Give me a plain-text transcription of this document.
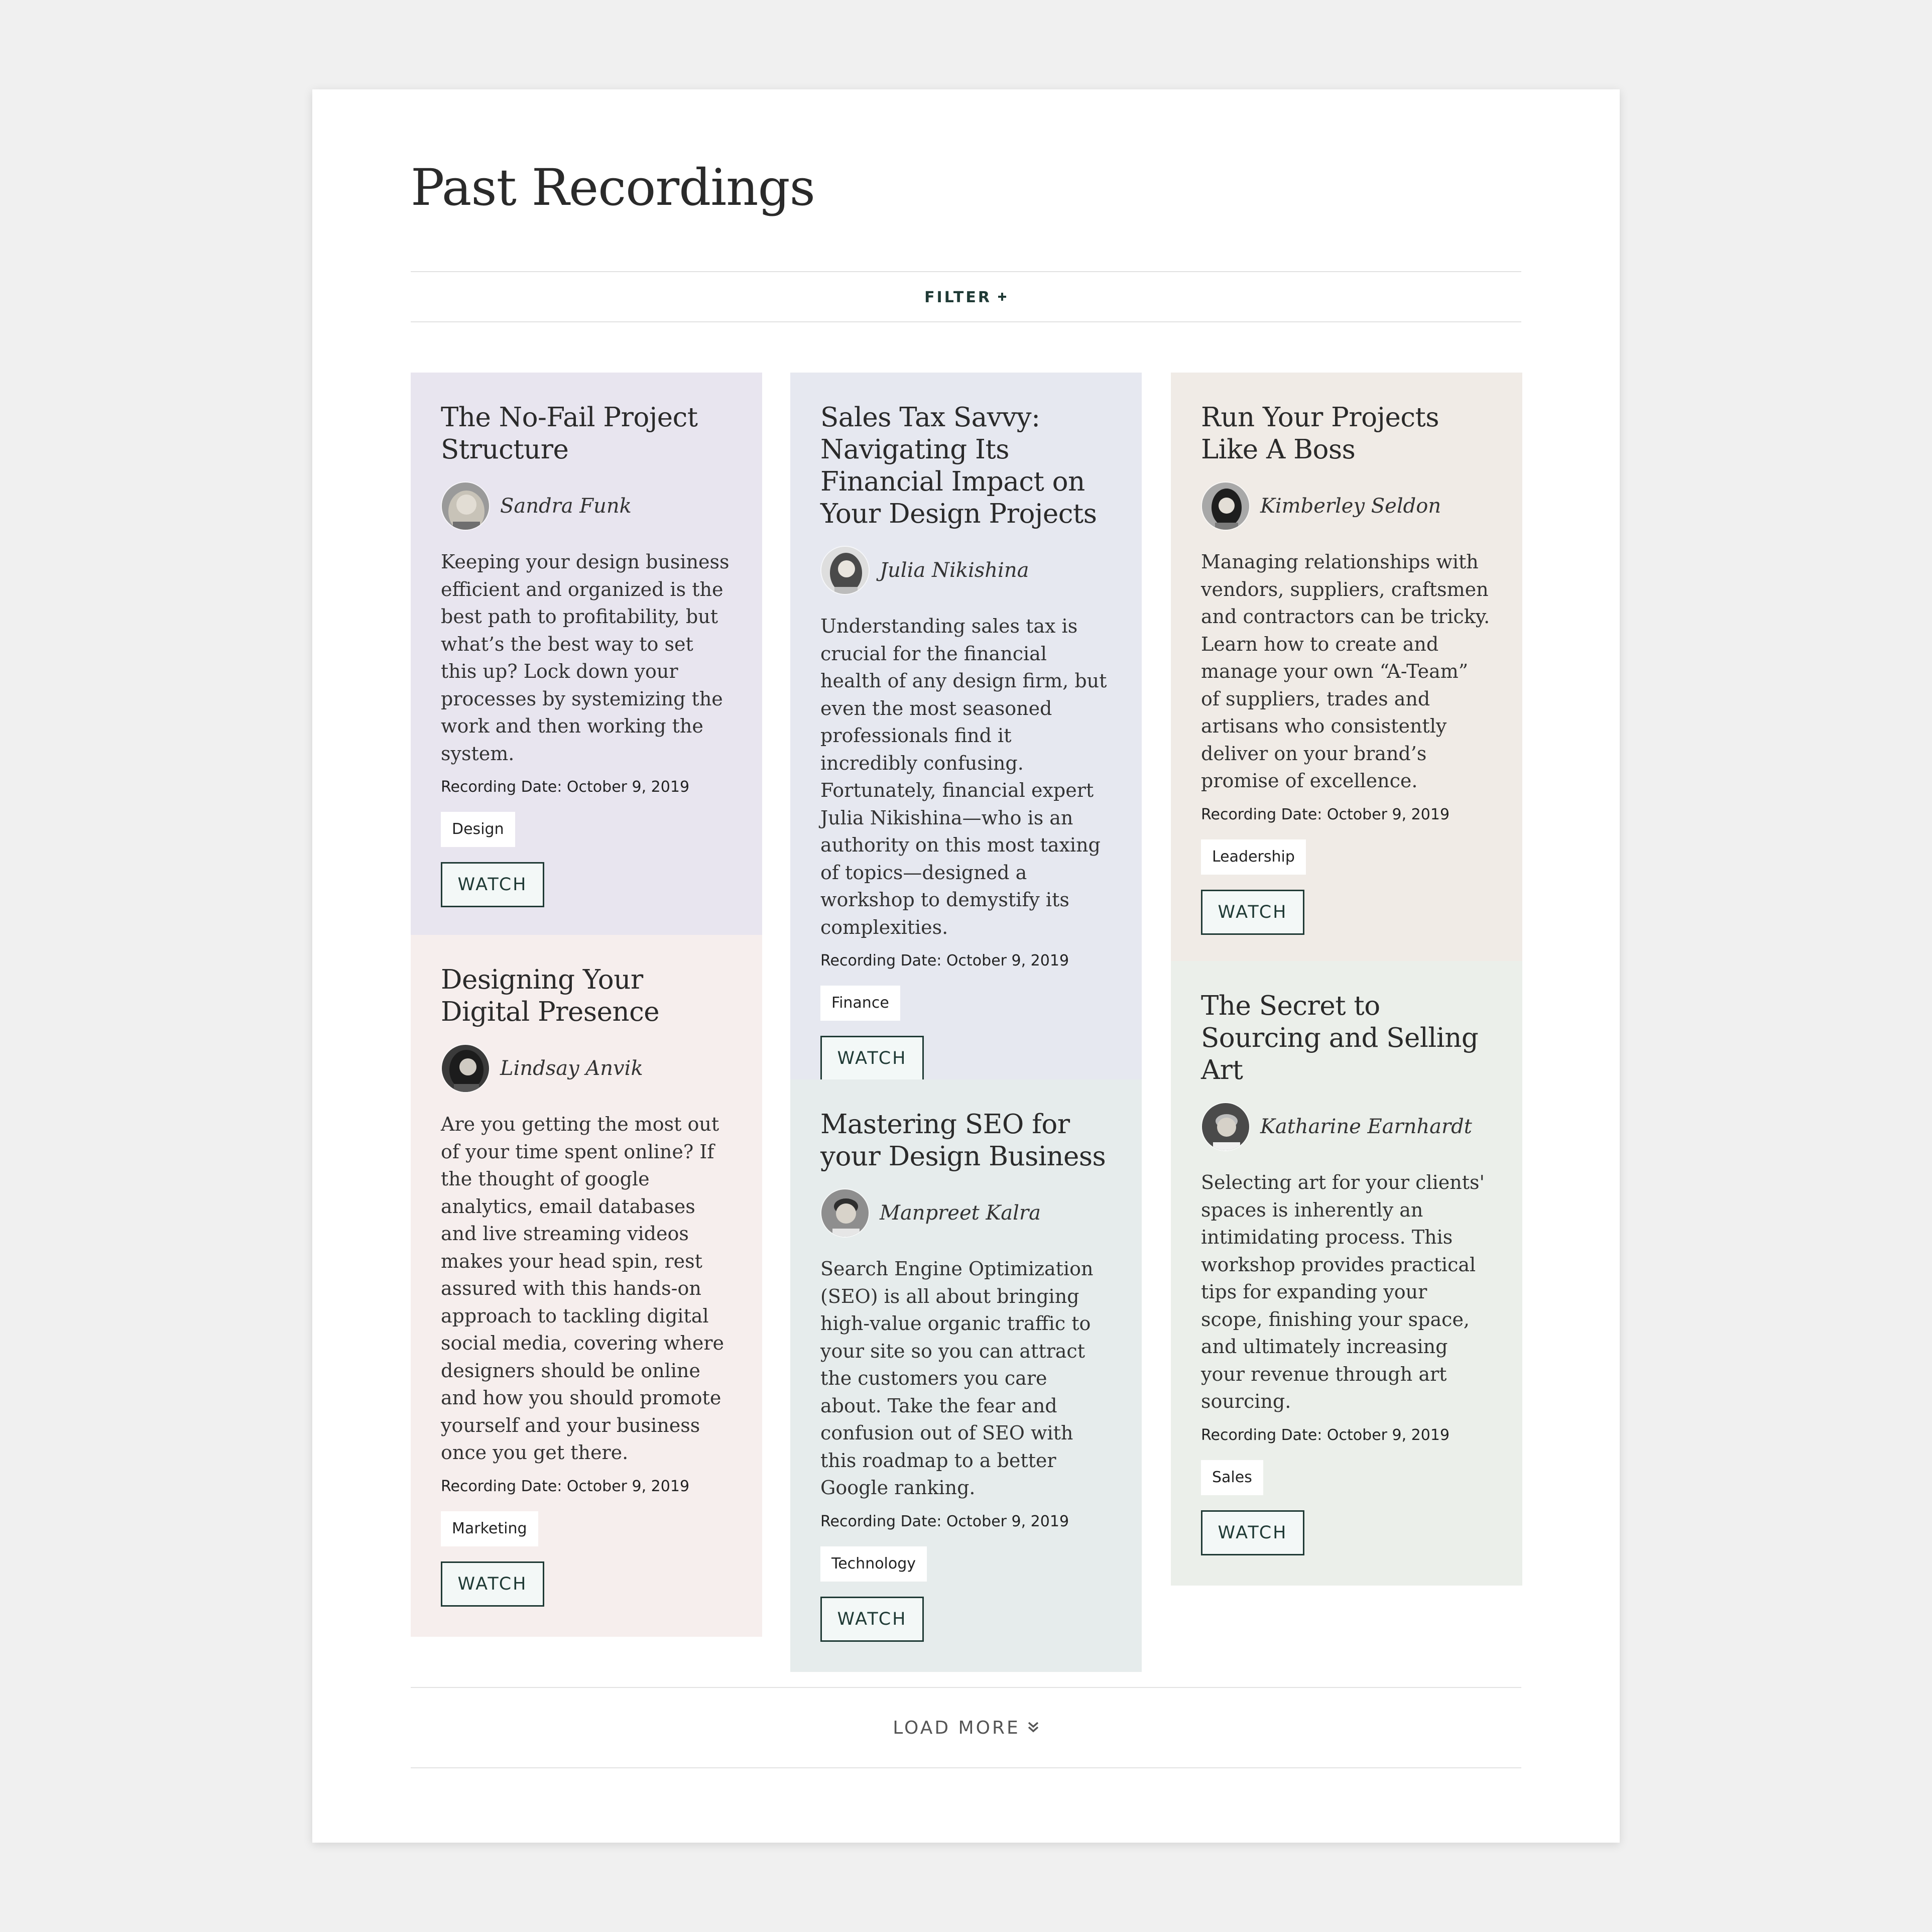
Past Recordings
FILTER
The No-Fail Project Structure
Sandra Funk

Keeping your design business efficient and organized is the best path to profitability, but what’s the best way to set this up? Lock down your processes by systemizing the work and then working the system.

Recording Date: October 9, 2019
Design
WATCH
Designing Your Digital Presence
Lindsay Anvik

Are you getting the most out of your time spent online? If the thought of google analytics, email databases and live streaming videos makes your head spin, rest assured with this hands-on approach to tackling digital social media, covering where designers should be online and how you should promote yourself and your business once you get there.

Recording Date: October 9, 2019
Marketing
WATCH
Sales Tax Savvy: Navigating Its Financial Impact on Your Design Projects
Julia Nikishina

Understanding sales tax is crucial for the financial health of any design firm, but even the most seasoned professionals find it incredibly confusing. Fortunately, financial expert Julia Nikishina—who is an authority on this most taxing of topics—designed a workshop to demystify its complexities.

Recording Date: October 9, 2019
Finance
WATCH
Mastering SEO for your Design Business
Manpreet Kalra

Search Engine Optimization (SEO) is all about bringing high-value organic traffic to your site so you can attract the customers you care about. Take the fear and confusion out of SEO with this roadmap to a better Google ranking.

Recording Date: October 9, 2019
Technology
WATCH
Run Your Projects Like A Boss
Kimberley Seldon

Managing relationships with vendors, suppliers, craftsmen and contractors can be tricky. Learn how to create and manage your own “A-Team” of suppliers, trades and artisans who consistently deliver on your brand’s promise of excellence.

Recording Date: October 9, 2019
Leadership
WATCH
The Secret to Sourcing and Selling Art
Katharine Earnhardt

Selecting art for your clients' spaces is inherently an intimidating process. This workshop provides practical tips for expanding your scope, finishing your space, and ultimately increasing your revenue through art sourcing.

Recording Date: October 9, 2019
Sales
WATCH
LOAD MORE
